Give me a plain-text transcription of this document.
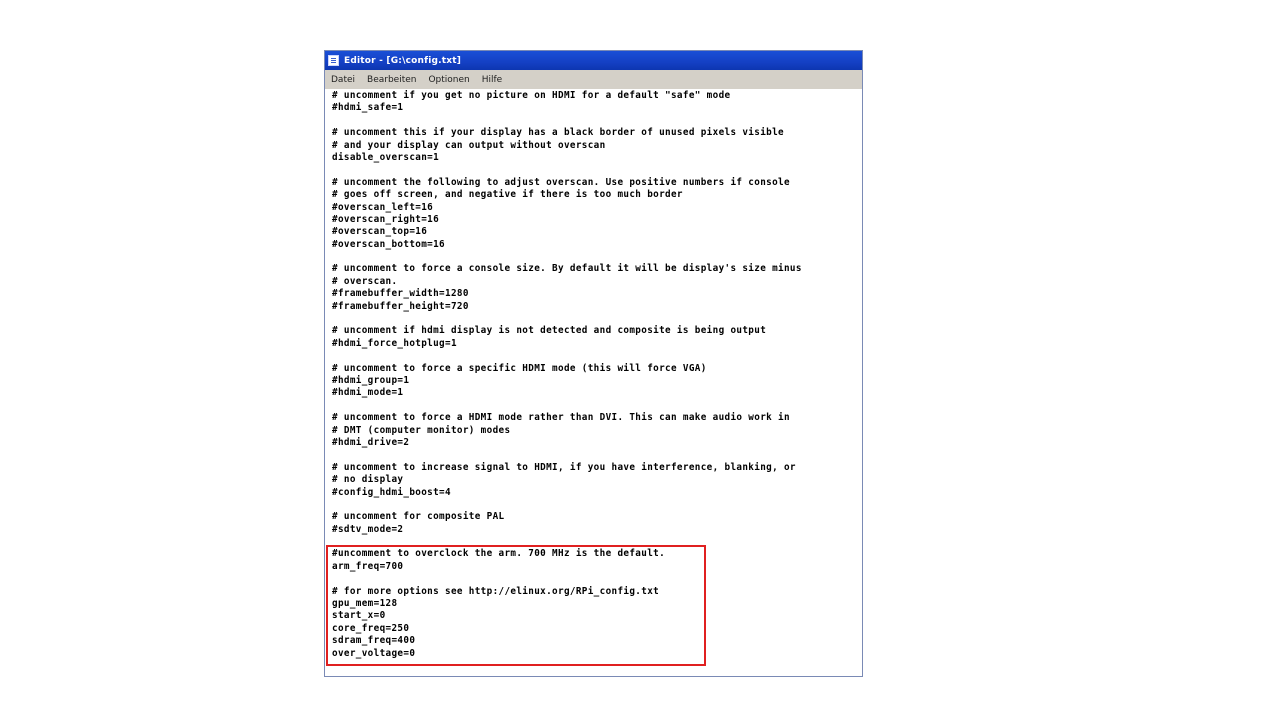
Editor - [G:\config.txt]
Datei Bearbeiten Optionen Hilfe
# uncomment if you get no picture on HDMI for a default "safe" mode
#hdmi_safe=1
# uncomment this if your display has a black border of unused pixels visible
# and your display can output without overscan
disable_overscan=1
# uncomment the following to adjust overscan. Use positive numbers if console
# goes off screen, and negative if there is too much border
#overscan_left=16
#overscan_right=16
#overscan_top=16
#overscan_bottom=16
# uncomment to force a console size. By default it will be display's size minus
# overscan.
#framebuffer_width=1280
#framebuffer_height=720
# uncomment if hdmi display is not detected and composite is being output
#hdmi_force_hotplug=1
# uncomment to force a specific HDMI mode (this will force VGA)
#hdmi_group=1
#hdmi_mode=1
# uncomment to force a HDMI mode rather than DVI. This can make audio work in
# DMT (computer monitor) modes
#hdmi_drive=2
# uncomment to increase signal to HDMI, if you have interference, blanking, or
# no display
#config_hdmi_boost=4
# uncomment for composite PAL
#sdtv_mode=2
#uncomment to overclock the arm. 700 MHz is the default.
arm_freq=700
# for more options see http://elinux.org/RPi_config.txt
gpu_mem=128
start_x=0
core_freq=250
sdram_freq=400
over_voltage=0
